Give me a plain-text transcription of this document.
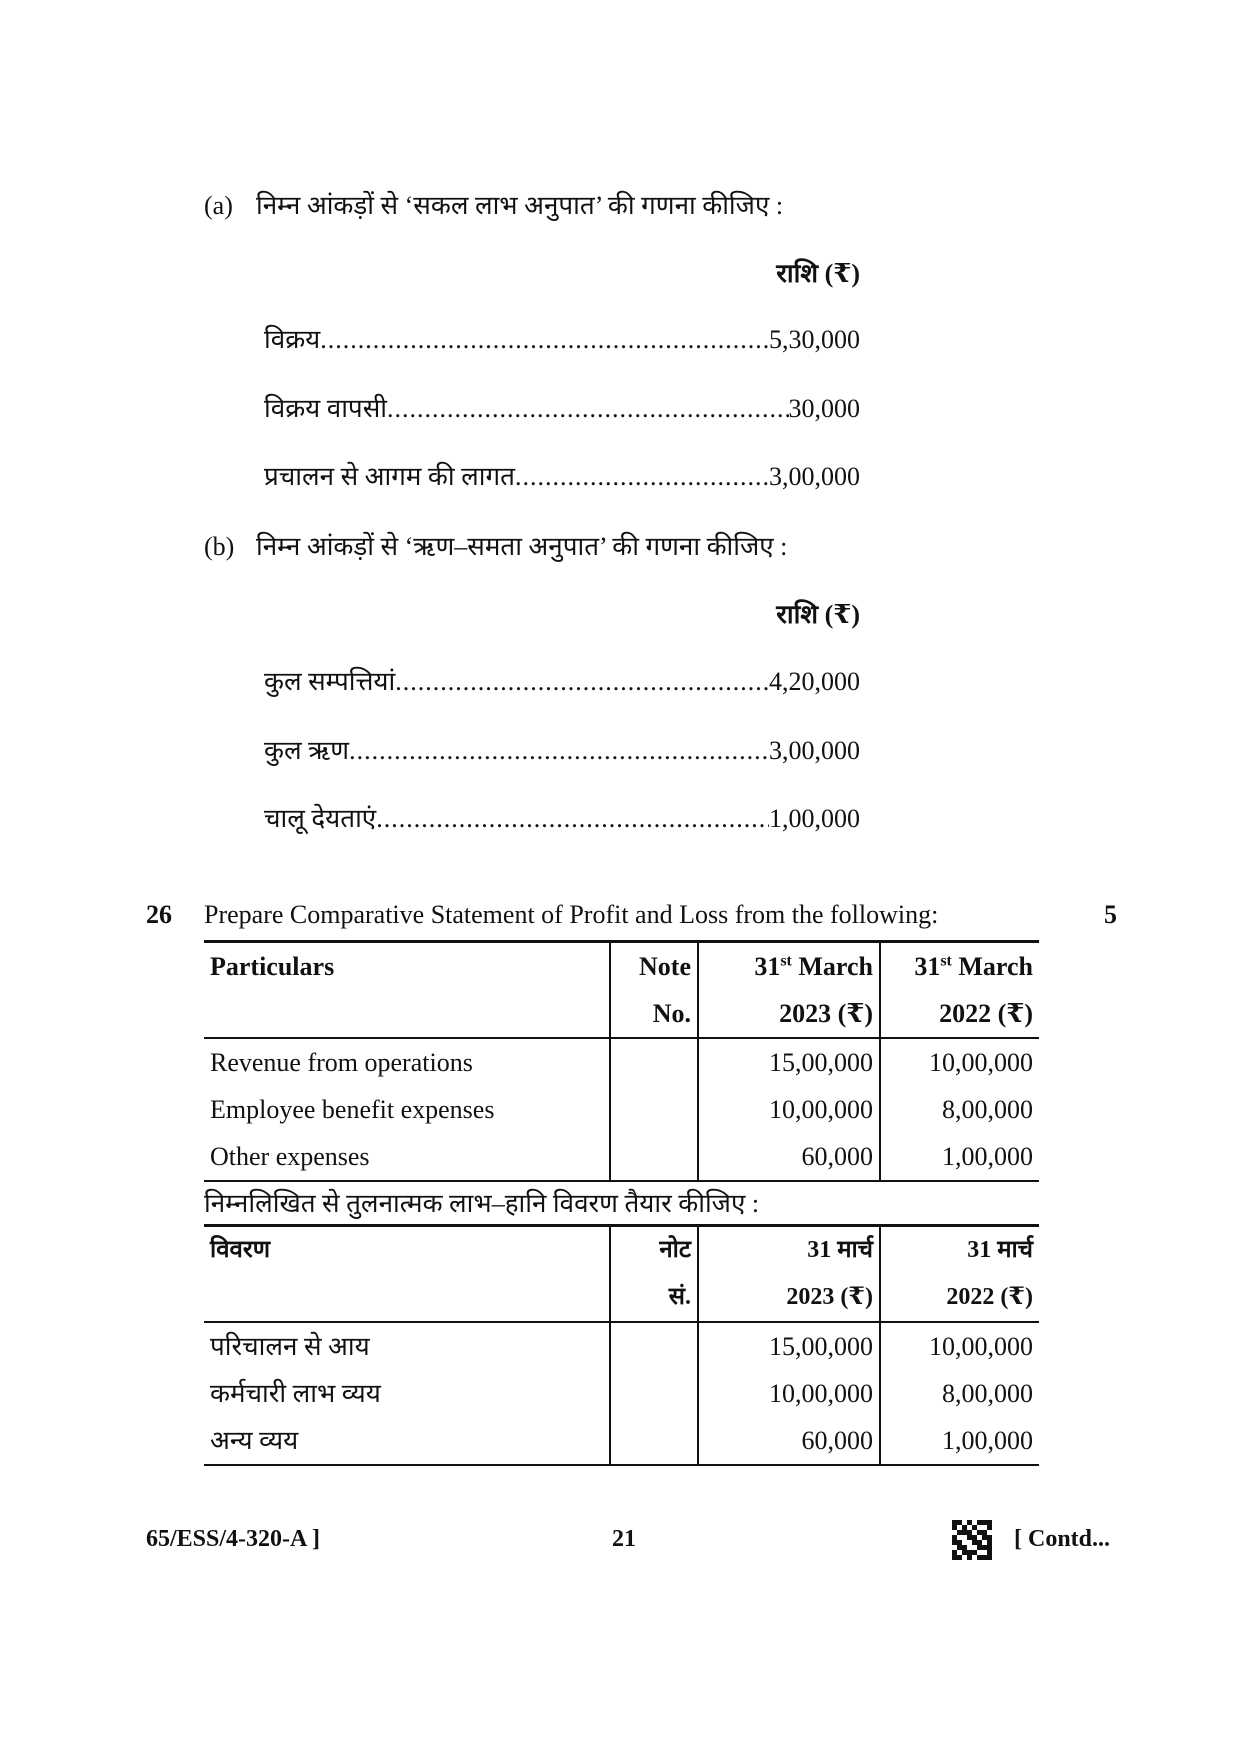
(a) निम्न आंकड़ों से ‘सकल लाभ अनुपात’ की गणना कीजिए :
राशि (₹)
विक्रय .....	5,30,000
विक्रय वापसी .....	30,000
प्रचालन से आगम की लागत .....	3,00,000
(b) निम्न आंकड़ों से ‘ऋण–समता अनुपात’ की गणना कीजिए :
राशि (₹)
कुल सम्पत्तियां .....	4,20,000
कुल ऋण .....	3,00,000
चालू देयताएं .....	1,00,000
26 Prepare Comparative Statement of Profit and Loss from the following:	5
Particulars	Note	31st March	31st March
	No.	2023 (₹)	2022 (₹)
Revenue from operations		15,00,000	10,00,000
Employee benefit expenses		10,00,000	8,00,000
Other expenses		60,000	1,00,000
निम्नलिखित से तुलनात्मक लाभ–हानि विवरण तैयार कीजिए :
विवरण	नोट	31 मार्च	31 मार्च
	सं.	2023 (₹)	2022 (₹)
परिचालन से आय		15,00,000	10,00,000
कर्मचारी लाभ व्यय		10,00,000	8,00,000
अन्य व्यय		60,000	1,00,000
65/ESS/4-320-A ]	21	[ Contd...
